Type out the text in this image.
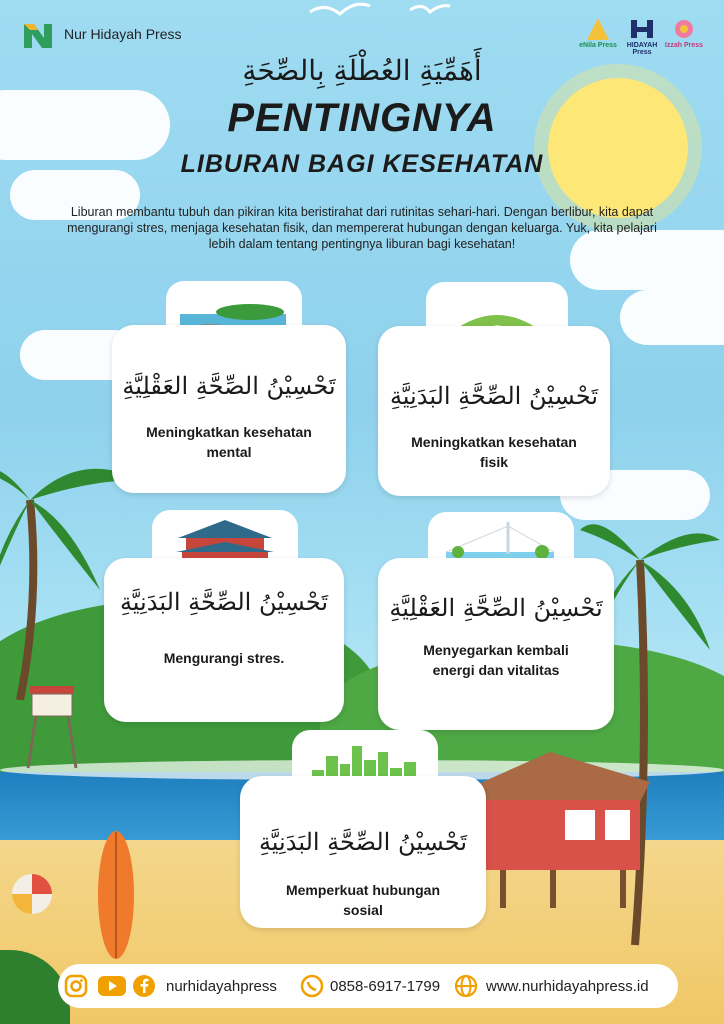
Nur Hidayah Press
eNila Press	HIDAYAH Press
Izzah Press
أَهَمِّيَةِ العُطْلَةِ بِالصِّحَةِ
PENTINGNYA
LIBURAN BAGI KESEHATAN
Liburan membantu tubuh dan pikiran kita beristirahat dari rutinitas sehari-hari. Dengan berlibur, kita dapat mengurangi stres, menjaga kesehatan fisik, dan mempererat hubungan dengan keluarga. Yuk, kita pelajari lebih dalam tentang pentingnya liburan bagi kesehatan!
تَحْسِيْنُ الصِّحَّةِ العَقْلِيَّةِ
Meningkatkan kesehatan mental
تَحْسِيْنُ الصِّحَّةِ البَدَنِيَّةِ
Meningkatkan kesehatan fisik
تَحْسِيْنُ الصِّحَّةِ البَدَنِيَّةِ
Mengurangi stres.
تَحْسِيْنُ الصِّحَّةِ العَقْلِيَّةِ
Menyegarkan kembali energi dan vitalitas
تَحْسِيْنُ الصِّحَّةِ البَدَنِيَّةِ
Memperkuat hubungan sosial
nurhidayahpress	0858-6917-1799	www.nurhidayahpress.id
